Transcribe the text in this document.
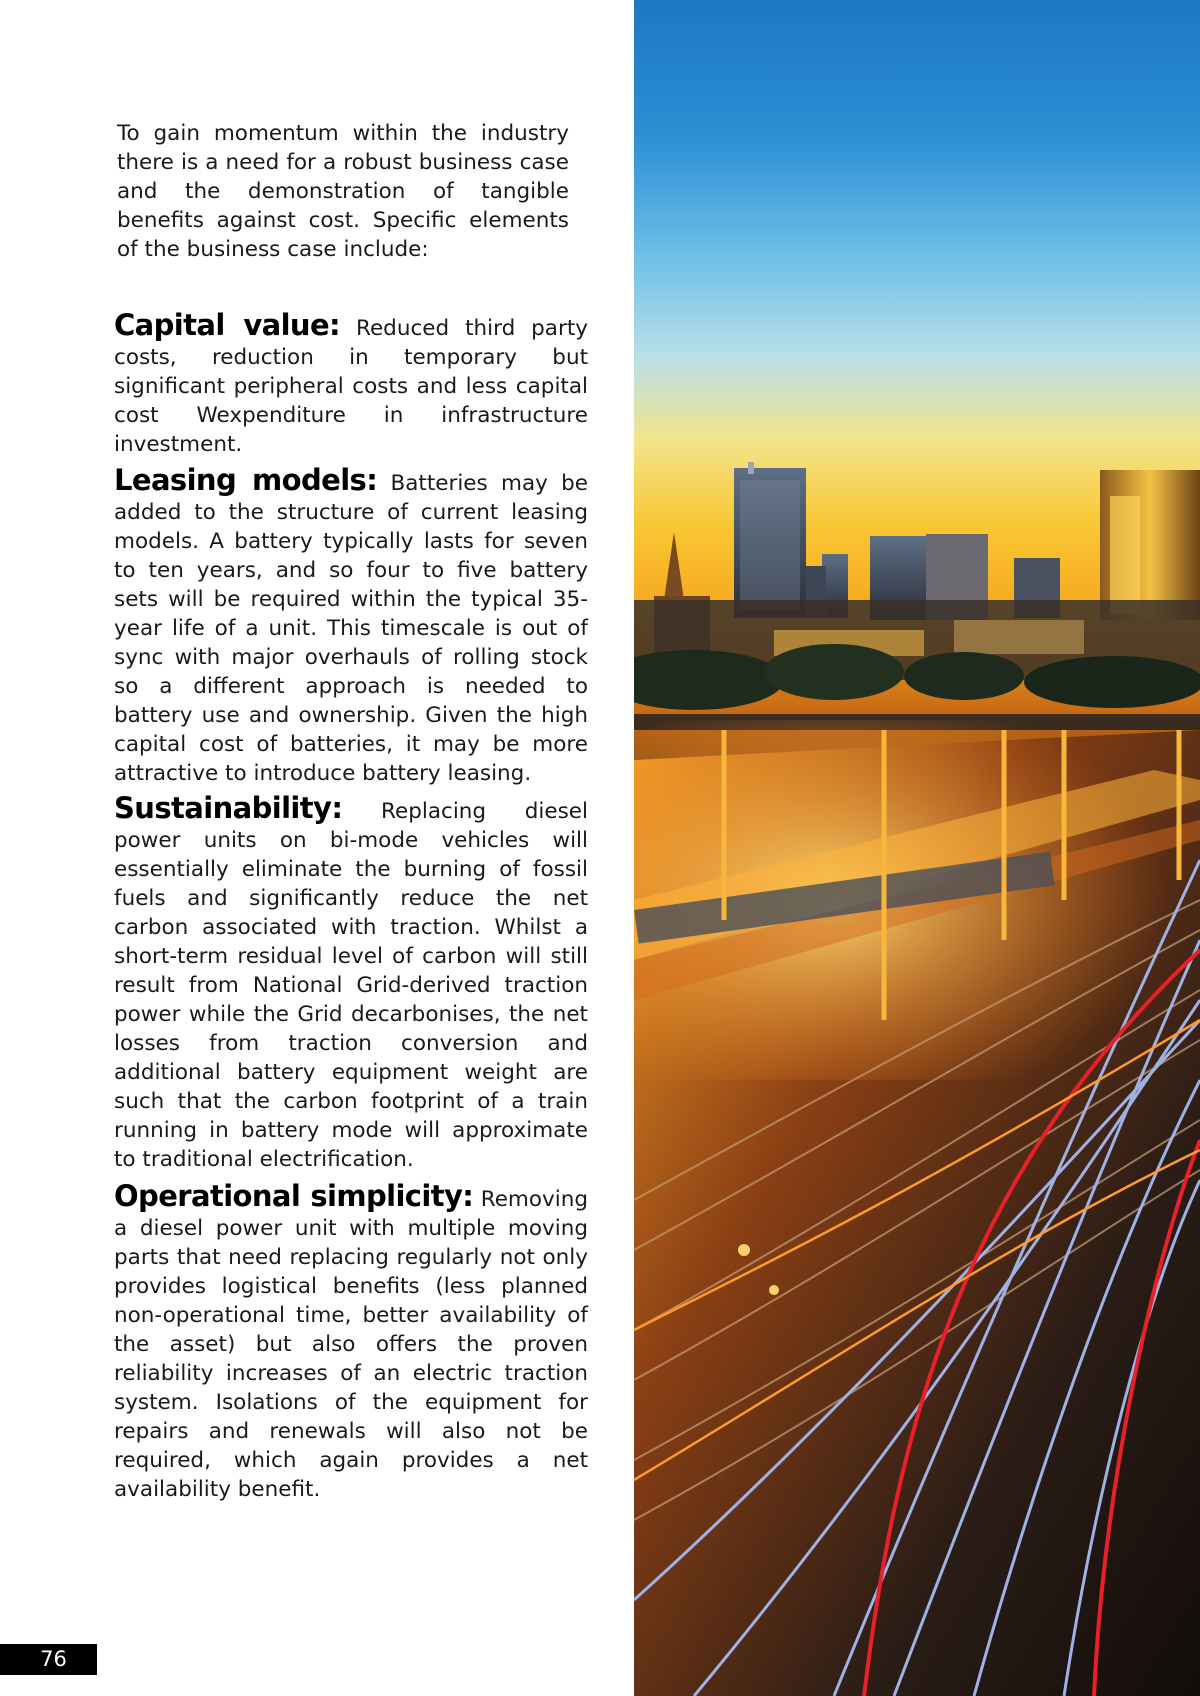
To gain momentum within the industry there is a need for a robust business case and the demonstration of tangible benefits against cost. Specific elements of the business case include:

Capital value: Reduced third party costs, reduction in temporary but significant peripheral costs and less capital cost Wexpenditure in infrastructure investment.

Leasing models: Batteries may be added to the structure of current leasing models. A battery typically lasts for seven to ten years, and so four to five battery sets will be required within the typical 35-year life of a unit. This timescale is out of sync with major overhauls of rolling stock so a different approach is needed to battery use and ownership. Given the high capital cost of batteries, it may be more attractive to introduce battery leasing.

Sustainability: Replacing diesel power units on bi-mode vehicles will essentially eliminate the burning of fossil fuels and significantly reduce the net carbon associated with traction. Whilst a short-term residual level of carbon will still result from National Grid-derived traction power while the Grid decarbonises, the net losses from traction conversion and additional battery equipment weight are such that the carbon footprint of a train running in battery mode will approximate to traditional electrification.

Operational simplicity: Removing a diesel power unit with multiple moving parts that need replacing regularly not only provides logistical benefits (less planned non-operational time, better availability of the asset) but also offers the proven reliability increases of an electric traction system. Isolations of the equipment for repairs and renewals will also not be required, which again provides a net availability benefit.

76
